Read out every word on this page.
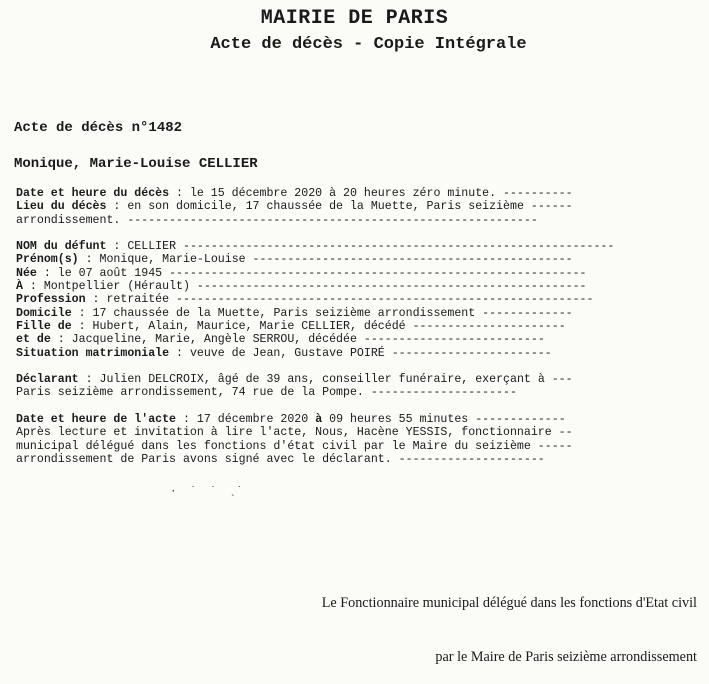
MAIRIE DE PARIS
Acte de décès - Copie Intégrale
Acte de décès n°1482
Monique, Marie-Louise CELLIER
Date et heure du décès : le 15 décembre 2020 à 20 heures zéro minute. ----------
Lieu du décès : en son domicile, 17 chaussée de la Muette, Paris seizième ------
arrondissement. -----------------------------------------------------------
NOM du défunt : CELLIER --------------------------------------------------------------
Prénom(s) : Monique, Marie-Louise ----------------------------------------------
Née : le 07 août 1945 ------------------------------------------------------------
À : Montpellier (Hérault) --------------------------------------------------------
Profession : retraitée ------------------------------------------------------------
Domicile : 17 chaussée de la Muette, Paris seizième arrondissement -------------
Fille de : Hubert, Alain, Maurice, Marie CELLIER, décédé ----------------------
et de : Jacqueline, Marie, Angèle SERROU, décédée --------------------------
Situation matrimoniale : veuve de Jean, Gustave POIRÉ -----------------------
Déclarant : Julien DELCROIX, âgé de 39 ans, conseiller funéraire, exerçant à ---
Paris seizième arrondissement, 74 rue de la Pompe. ---------------------
Date et heure de l'acte : 17 décembre 2020 à 09 heures 55 minutes -------------
Après lecture et invitation à lire l'acte, Nous, Hacène YESSIS, fonctionnaire --
municipal délégué dans les fonctions d'état civil par le Maire du seizième -----
arrondissement de Paris avons signé avec le déclarant. ---------------------
·  ˙  ˙  ˎ˙

Le Fonctionnaire municipal délégué dans les fonctions d'Etat civil

par le Maire de Paris seizième arrondissement
